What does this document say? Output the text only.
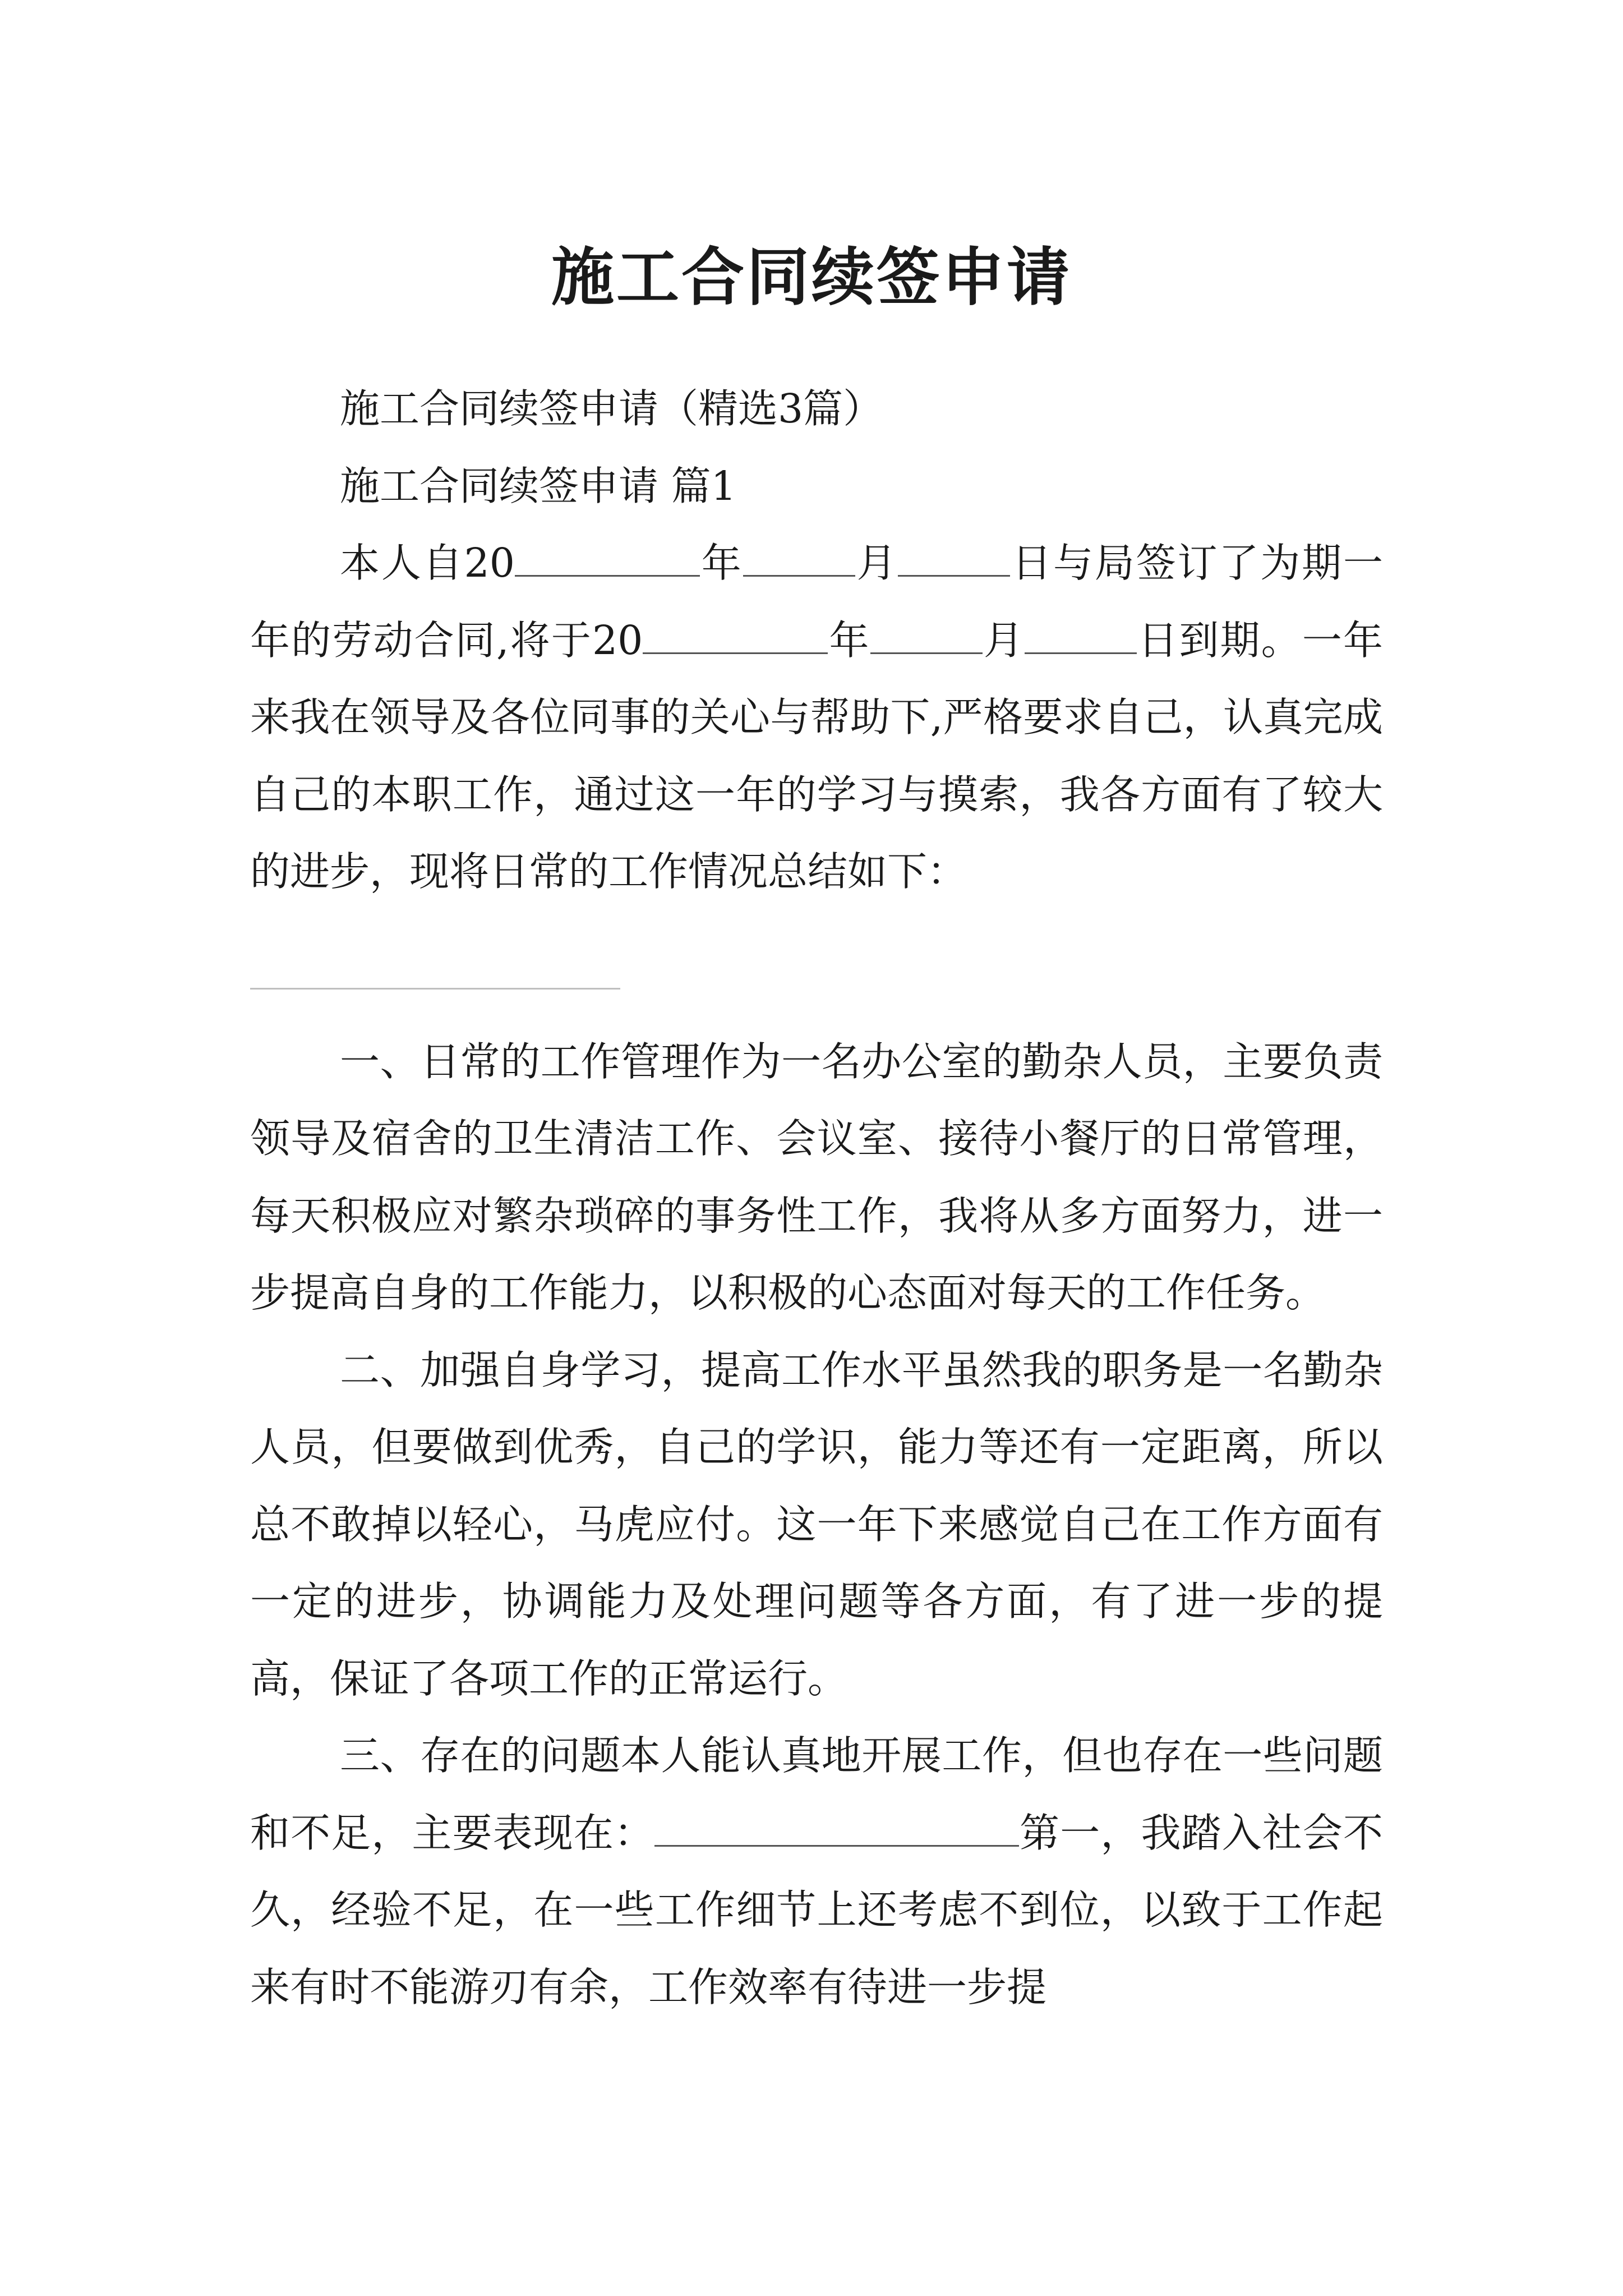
施工合同续签申请

施工合同续签申请（精选3篇）

施工合同续签申请 篇1

本人自20	年	月	日与局签订了为期一年的劳动合同,将于20	年	月	日到期。一年来我在领导及各位同事的关心与帮助下,严格要求自己，认真完成自己的本职工作，通过这一年的学习与摸索，我各方面有了较大的进步，现将日常的工作情况总结如下：

一、日常的工作管理作为一名办公室的勤杂人员，主要负责领导及宿舍的卫生清洁工作、会议室、接待小餐厅的日常管理，每天积极应对繁杂琐碎的事务性工作，我将从多方面努力，进一步提高自身的工作能力，以积极的心态面对每天的工作任务。

二、加强自身学习，提高工作水平虽然我的职务是一名勤杂人员，但要做到优秀，自己的学识，能力等还有一定距离，所以总不敢掉以轻心，马虎应付。这一年下来感觉自己在工作方面有一定的进步，协调能力及处理问题等各方面，有了进一步的提高，保证了各项工作的正常运行。

三、存在的问题本人能认真地开展工作，但也存在一些问题和不足，主要表现在：	第一，我踏入社会不久，经验不足，在一些工作细节上还考虑不到位，以致于工作起来有时不能游刃有余，工作效率有待进一步提
